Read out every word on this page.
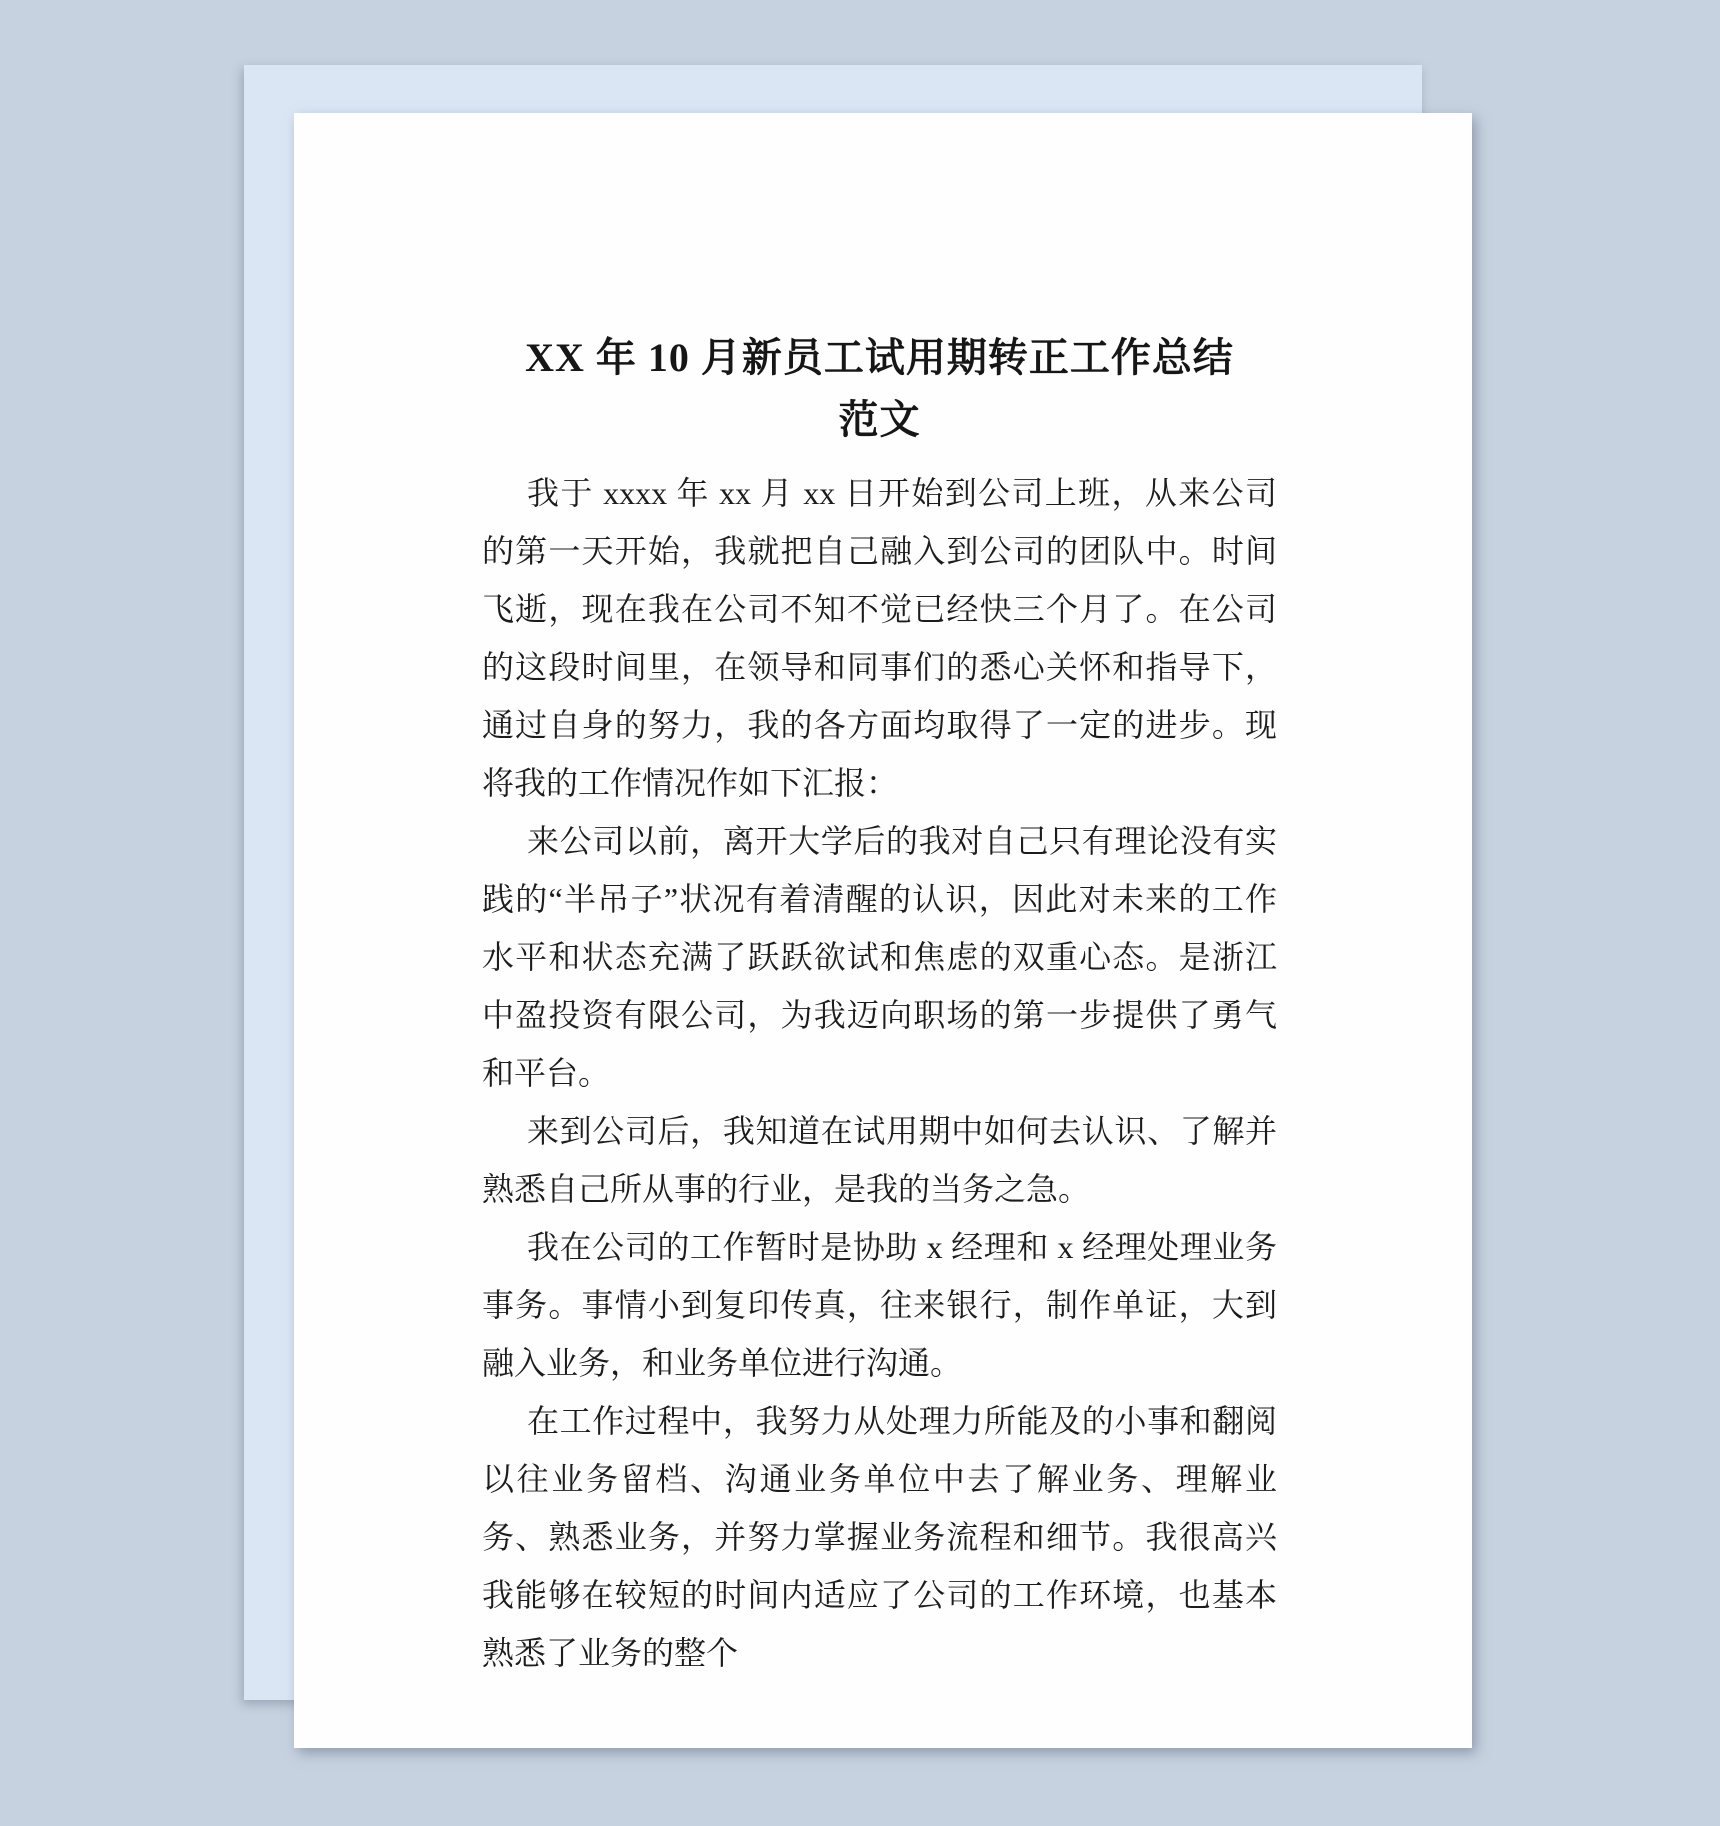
XX 年 10 月新员工试用期转正工作总结
范文

我于 xxxx 年 xx 月 xx 日开始到公司上班，从来公司的第一天开始，我就把自己融入到公司的团队中。时间飞逝，现在我在公司不知不觉已经快三个月了。在公司的这段时间里，在领导和同事们的悉心关怀和指导下，通过自身的努力，我的各方面均取得了一定的进步。现将我的工作情况作如下汇报：

来公司以前，离开大学后的我对自己只有理论没有实践的“半吊子”状况有着清醒的认识，因此对未来的工作水平和状态充满了跃跃欲试和焦虑的双重心态。是浙江中盈投资有限公司，为我迈向职场的第一步提供了勇气和平台。

来到公司后，我知道在试用期中如何去认识、了解并熟悉自己所从事的行业，是我的当务之急。

我在公司的工作暂时是协助 x 经理和 x 经理处理业务事务。事情小到复印传真，往来银行，制作单证，大到融入业务，和业务单位进行沟通。

在工作过程中，我努力从处理力所能及的小事和翻阅以往业务留档、沟通业务单位中去了解业务、理解业务、熟悉业务，并努力掌握业务流程和细节。我很高兴我能够在较短的时间内适应了公司的工作环境，也基本熟悉了业务的整个
